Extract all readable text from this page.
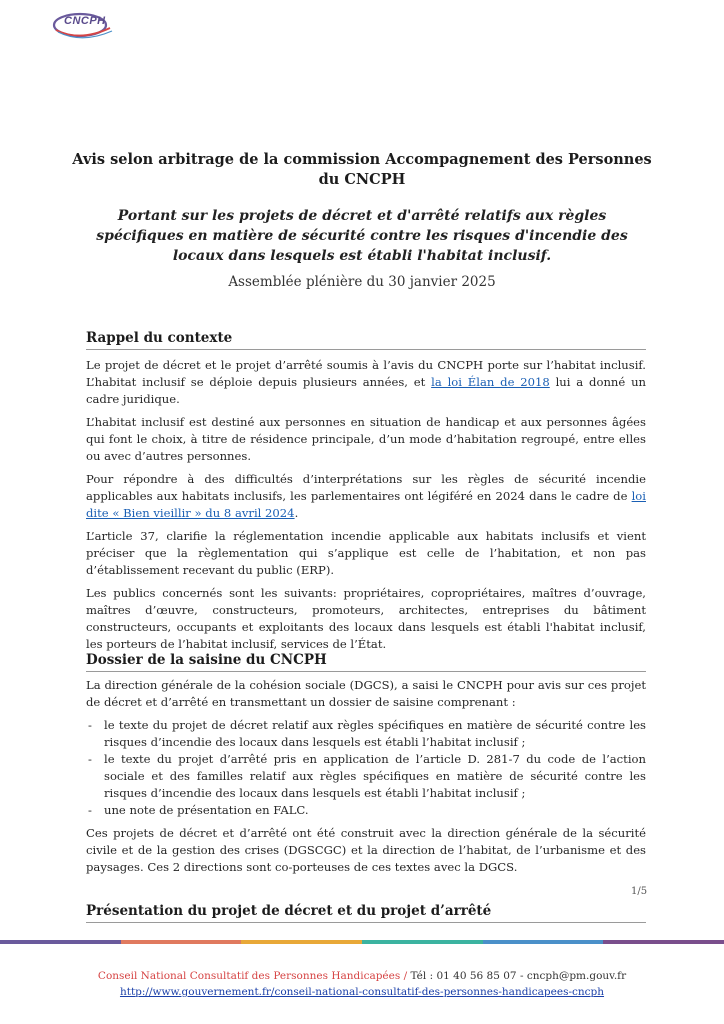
CNCPH
Avis selon arbitrage de la commission Accompagnement des Personnes du CNCPH
Portant sur les projets de décret et d'arrêté relatifs aux règles spécifiques en matière de sécurité contre les risques d'incendie des locaux dans lesquels est établi l'habitat inclusif.
Assemblée plénière du 30 janvier 2025
Rappel du contexte

Le projet de décret et le projet d’arrêté soumis à l’avis du CNCPH porte sur l’habitat inclusif. L’habitat inclusif se déploie depuis plusieurs années, et la loi Élan de 2018 lui a donné un cadre juridique.

L’habitat inclusif est destiné aux personnes en situation de handicap et aux personnes âgées qui font le choix, à titre de résidence principale, d’un mode d’habitation regroupé, entre elles ou avec d’autres personnes.

Pour répondre à des difficultés d’interprétations sur les règles de sécurité incendie applicables aux habitats inclusifs, les parlementaires ont légiféré en 2024 dans le cadre de loi dite « Bien vieillir » du 8 avril 2024.

L’article 37, clarifie la réglementation incendie applicable aux habitats inclusifs et vient préciser que la règlementation qui s’applique est celle de l’habitation, et non pas d’établissement recevant du public (ERP).

Les publics concernés sont les suivants: propriétaires, copropriétaires, maîtres d’ouvrage, maîtres d’œuvre, constructeurs, promoteurs, architectes, entreprises du bâtiment constructeurs, occupants et exploitants des locaux dans lesquels est établi l'habitat inclusif, les porteurs de l’habitat inclusif, services de l’État.

Dossier de la saisine du CNCPH

La direction générale de la cohésion sociale (DGCS), a saisi le CNCPH pour avis sur ces projet de décret et d’arrêté en transmettant un dossier de saisine comprenant :

- le texte du projet de décret relatif aux règles spécifiques en matière de sécurité contre les risques d’incendie des locaux dans lesquels est établi l’habitat inclusif ;
- le texte du projet d’arrêté pris en application de l’article D. 281-7 du code de l’action sociale et des familles relatif aux règles spécifiques en matière de sécurité contre les risques d’incendie des locaux dans lesquels est établi l’habitat inclusif ;
- une note de présentation en FALC.

Ces projets de décret et d’arrêté ont été construit avec la direction générale de la sécurité civile et de la gestion des crises (DGSCGC) et la direction de l’habitat, de l’urbanisme et des paysages. Ces 2 directions sont co-porteuses de ces textes avec la DGCS.

1/5
Présentation du projet de décret et du projet d’arrêté
Conseil National Consultatif des Personnes Handicapées / Tél : 01 40 56 85 07 - cncph@pm.gouv.fr
http://www.gouvernement.fr/conseil-national-consultatif-des-personnes-handicapees-cncph
